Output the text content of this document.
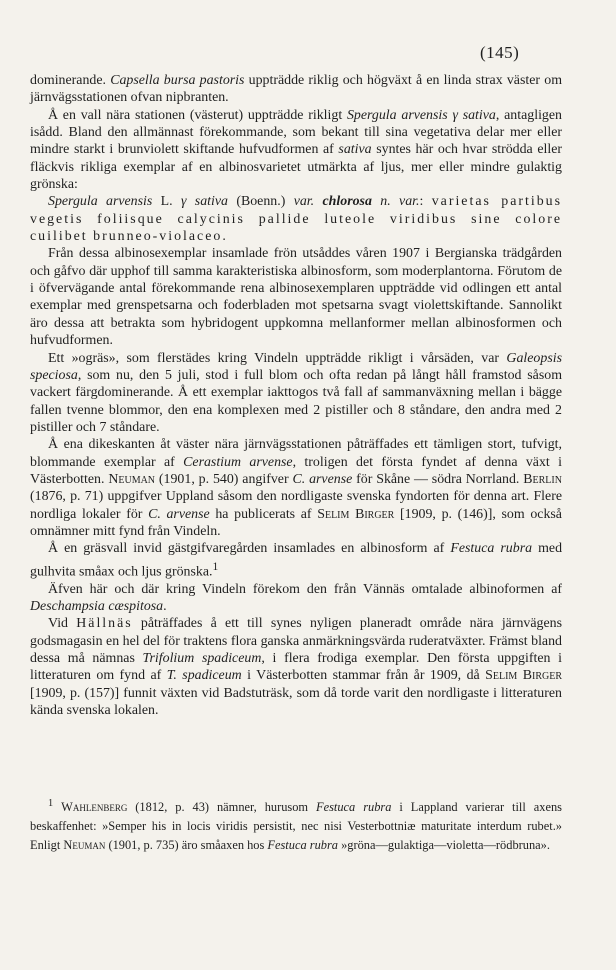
(145)

dominerande. Capsella bursa pastoris uppträdde riklig och högväxt å en linda strax väster om järnvägsstationen ofvan nipbranten.

Å en vall nära stationen (västerut) uppträdde rikligt Spergula arvensis γ sativa, antagligen isådd. Bland den allmännast förekommande, som bekant till sina vegetativa delar mer eller mindre starkt i brunviolett skiftande hufvudformen af sativa syntes här och hvar strödda eller fläckvis rikliga exemplar af en albinosvarietet utmärkta af ljus, mer eller mindre gulaktig grönska:

Spergula arvensis L. γ sativa (Boenn.) var. chlorosa n. var.: varietas partibus vegetis foliisque calycinis pallide luteole viridibus sine colore cuilibet brunneo-violaceo.

Från dessa albinosexemplar insamlade frön utsåddes våren 1907 i Bergianska trädgården och gåfvo där upphof till samma karakteristiska albinosform, som moderplantorna. Förutom de i öfvervägande antal förekommande rena albinosexemplaren uppträdde vid odlingen ett antal exemplar med grenspetsarna och foderbladen mot spetsarna svagt violettskiftande. Sannolikt äro dessa att betrakta som hybridogent uppkomna mellanformer mellan albinosformen och hufvudformen.

Ett »ogräs», som flerstädes kring Vindeln uppträdde rikligt i vårsäden, var Galeopsis speciosa, som nu, den 5 juli, stod i full blom och ofta redan på långt håll framstod såsom vackert färgdominerande. Å ett exemplar iakttogos två fall af sammanväxning mellan i bägge fallen tvenne blommor, den ena komplexen med 2 pistiller och 8 ståndare, den andra med 2 pistiller och 7 ståndare.

Å ena dikeskanten åt väster nära järnvägsstationen påträffades ett tämligen stort, tufvigt, blommande exemplar af Cerastium arvense, troligen det första fyndet af denna växt i Västerbotten. Neuman (1901, p. 540) angifver C. arvense för Skåne — södra Norrland. Berlin (1876, p. 71) uppgifver Uppland såsom den nordligaste svenska fyndorten för denna art. Flere nordliga lokaler för C. arvense ha publicerats af Selim Birger [1909, p. (146)], som också omnämner mitt fynd från Vindeln.

Å en gräsvall invid gästgifvaregården insamlades en albinosform af Festuca rubra med gulhvita småax och ljus grönska.$^1$

Äfven här och där kring Vindeln förekom den från Vännäs omtalade albinoformen af Deschampsia cæspitosa.

Vid Hällnäs påträffades å ett till synes nyligen planeradt område nära järnvägens godsmagasin en hel del för traktens flora ganska anmärkningsvärda ruderatväxter. Främst bland dessa må nämnas Trifolium spadiceum, i flera frodiga exemplar. Den första uppgiften i litteraturen om fynd af T. spadiceum i Västerbotten stammar från år 1909, då Selim Birger [1909, p. (157)] funnit växten vid Badstuträsk, som då torde varit den nordligaste i litteraturen kända svenska lokalen.

$^1$ Wahlenberg (1812, p. 43) nämner, hurusom Festuca rubra i Lappland varierar till axens beskaffenhet: »Semper his in locis viridis persistit, nec nisi Vesterbottniæ maturitate interdum rubet.» Enligt Neuman (1901, p. 735) äro småaxen hos Festuca rubra »gröna—gulaktiga—violetta—rödbruna».
